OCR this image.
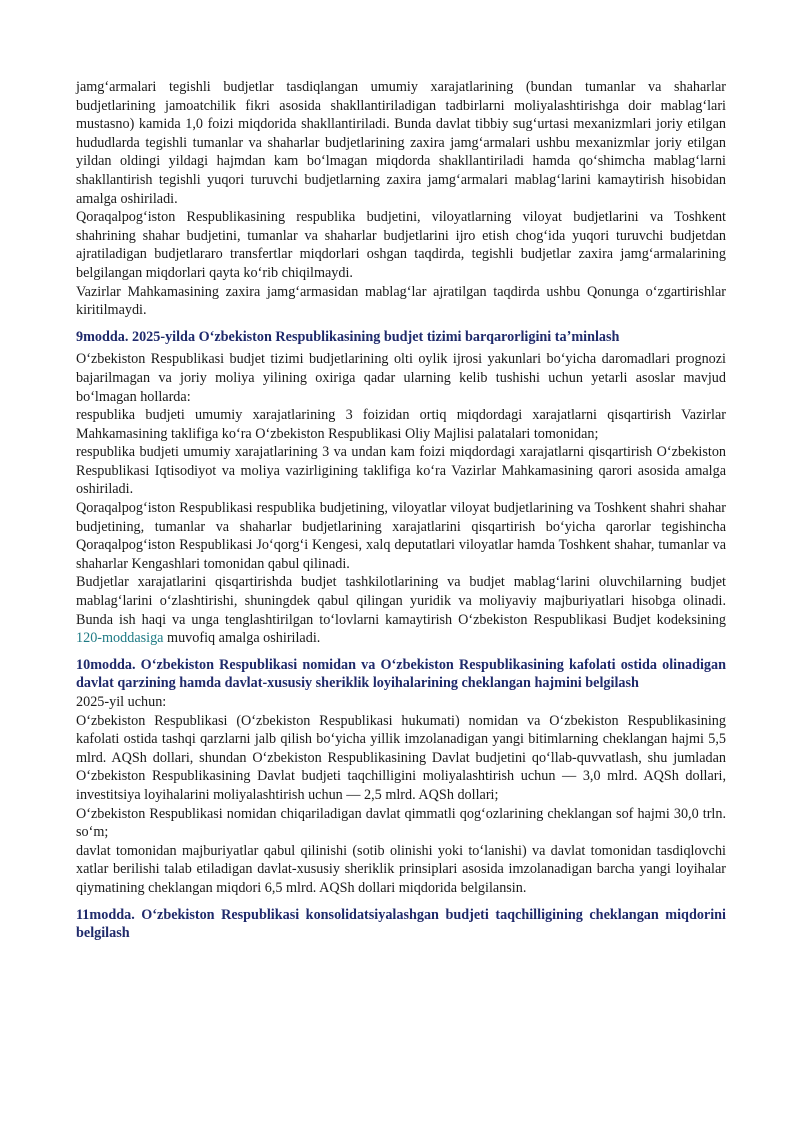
jamgʻarmalari tegishli budjetlar tasdiqlangan umumiy xarajatlarining (bundan tumanlar va shaharlar budjetlarining jamoatchilik fikri asosida shakllantiriladigan tadbirlarni moliyalashtirishga doir mablagʻlari mustasno) kamida 1,0 foizi miqdorida shakllantiriladi. Bunda davlat tibbiy sugʻurtasi mexanizmlari joriy etilgan hududlarda tegishli tumanlar va shaharlar budjetlarining zaxira jamgʻarmalari ushbu mexanizmlar joriy etilgan yildan oldingi yildagi hajmdan kam boʻlmagan miqdorda shakllantiriladi hamda qoʻshimcha mablagʻlarni shakllantirish tegishli yuqori turuvchi budjetlarning zaxira jamgʻarmalari mablagʻlarini kamaytirish hisobidan amalga oshiriladi.

Qoraqalpogʻiston Respublikasining respublika budjetini, viloyatlarning viloyat budjetlarini va Toshkent shahrining shahar budjetini, tumanlar va shaharlar budjetlarini ijro etish chogʻida yuqori turuvchi budjetdan ajratiladigan budjetlararo transfertlar miqdorlari oshgan taqdirda, tegishli budjetlar zaxira jamgʻarmalarining belgilangan miqdorlari qayta koʻrib chiqilmaydi.

Vazirlar Mahkamasining zaxira jamgʻarmasidan mablagʻlar ajratilgan taqdirda ushbu Qonunga oʻzgartirishlar kiritilmaydi.

9modda. 2025-yilda Oʻzbekiston Respublikasining budjet tizimi barqarorligini taʼminlash

Oʻzbekiston Respublikasi budjet tizimi budjetlarining olti oylik ijrosi yakunlari boʻyicha daromadlari prognozi bajarilmagan va joriy moliya yilining oxiriga qadar ularning kelib tushishi uchun yetarli asoslar mavjud boʻlmagan hollarda:

respublika budjeti umumiy xarajatlarining 3 foizidan ortiq miqdordagi xarajatlarni qisqartirish Vazirlar Mahkamasining taklifiga koʻra Oʻzbekiston Respublikasi Oliy Majlisi palatalari tomonidan;

respublika budjeti umumiy xarajatlarining 3 va undan kam foizi miqdordagi xarajatlarni qisqartirish Oʻzbekiston Respublikasi Iqtisodiyot va moliya vazirligining taklifiga koʻra Vazirlar Mahkamasining qarori asosida amalga oshiriladi.

Qoraqalpogʻiston Respublikasi respublika budjetining, viloyatlar viloyat budjetlarining va Toshkent shahri shahar budjetining, tumanlar va shaharlar budjetlarining xarajatlarini qisqartirish boʻyicha qarorlar tegishincha Qoraqalpogʻiston Respublikasi Joʻqorgʻi Kengesi, xalq deputatlari viloyatlar hamda Toshkent shahar, tumanlar va shaharlar Kengashlari tomonidan qabul qilinadi.

Budjetlar xarajatlarini qisqartirishda budjet tashkilotlarining va budjet mablagʻlarini oluvchilarning budjet mablagʻlarini oʻzlashtirishi, shuningdek qabul qilingan yuridik va moliyaviy majburiyatlari hisobga olinadi. Bunda ish haqi va unga tenglashtirilgan toʻlovlarni kamaytirish Oʻzbekiston Respublikasi Budjet kodeksining 120-moddasiga muvofiq amalga oshiriladi.

10modda. Oʻzbekiston Respublikasi nomidan va Oʻzbekiston Respublikasining kafolati ostida olinadigan davlat qarzining hamda davlat-xususiy sheriklik loyihalarining cheklangan hajmini belgilash

2025-yil uchun:

Oʻzbekiston Respublikasi (Oʻzbekiston Respublikasi hukumati) nomidan va Oʻzbekiston Respublikasining kafolati ostida tashqi qarzlarni jalb qilish boʻyicha yillik imzolanadigan yangi bitimlarning cheklangan hajmi 5,5 mlrd. AQSh dollari, shundan Oʻzbekiston Respublikasining Davlat budjetini qoʻllab-quvvatlash, shu jumladan Oʻzbekiston Respublikasining Davlat budjeti taqchilligini moliyalashtirish uchun — 3,0 mlrd. AQSh dollari, investitsiya loyihalarini moliyalashtirish uchun — 2,5 mlrd. AQSh dollari;

Oʻzbekiston Respublikasi nomidan chiqariladigan davlat qimmatli qogʻozlarining cheklangan sof hajmi 30,0 trln. soʻm;

davlat tomonidan majburiyatlar qabul qilinishi (sotib olinishi yoki toʻlanishi) va davlat tomonidan tasdiqlovchi xatlar berilishi talab etiladigan davlat-xususiy sheriklik prinsiplari asosida imzolanadigan barcha yangi loyihalar qiymatining cheklangan miqdori 6,5 mlrd. AQSh dollari miqdorida belgilansin.

11modda. Oʻzbekiston Respublikasi konsolidatsiyalashgan budjeti taqchilligining cheklangan miqdorini belgilash
